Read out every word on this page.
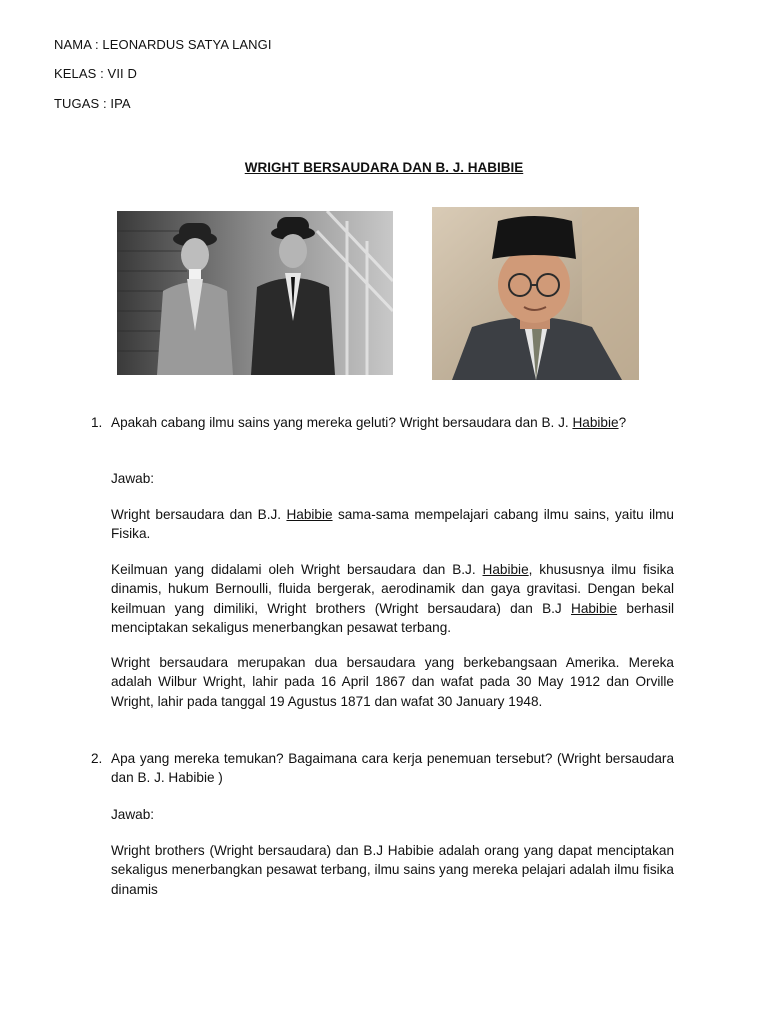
NAMA : LEONARDUS SATYA LANGI
KELAS : VII D
TUGAS : IPA
WRIGHT BERSAUDARA DAN B. J. HABIBIE
1. Apakah cabang ilmu sains yang mereka geluti? Wright bersaudara dan B. J. Habibie?

Jawab:

Wright bersaudara dan B.J. Habibie sama-sama mempelajari cabang ilmu sains, yaitu ilmu Fisika.

Keilmuan yang didalami oleh Wright bersaudara dan B.J. Habibie, khususnya ilmu fisika dinamis, hukum Bernoulli, fluida bergerak, aerodinamik dan gaya gravitasi. Dengan bekal keilmuan yang dimiliki, Wright brothers (Wright bersaudara) dan B.J Habibie berhasil menciptakan sekaligus menerbangkan pesawat terbang.

Wright bersaudara merupakan dua bersaudara yang berkebangsaan Amerika. Mereka adalah Wilbur Wright, lahir pada 16 April 1867 dan wafat pada 30 May 1912 dan Orville Wright, lahir pada tanggal 19 Agustus 1871 dan wafat 30 January 1948.

2. Apa yang mereka temukan? Bagaimana cara kerja penemuan tersebut? (Wright bersaudara dan B. J. Habibie )

Jawab:

Wright brothers (Wright bersaudara) dan B.J Habibie adalah orang yang dapat menciptakan sekaligus menerbangkan pesawat terbang, ilmu sains yang mereka pelajari adalah ilmu fisika dinamis
